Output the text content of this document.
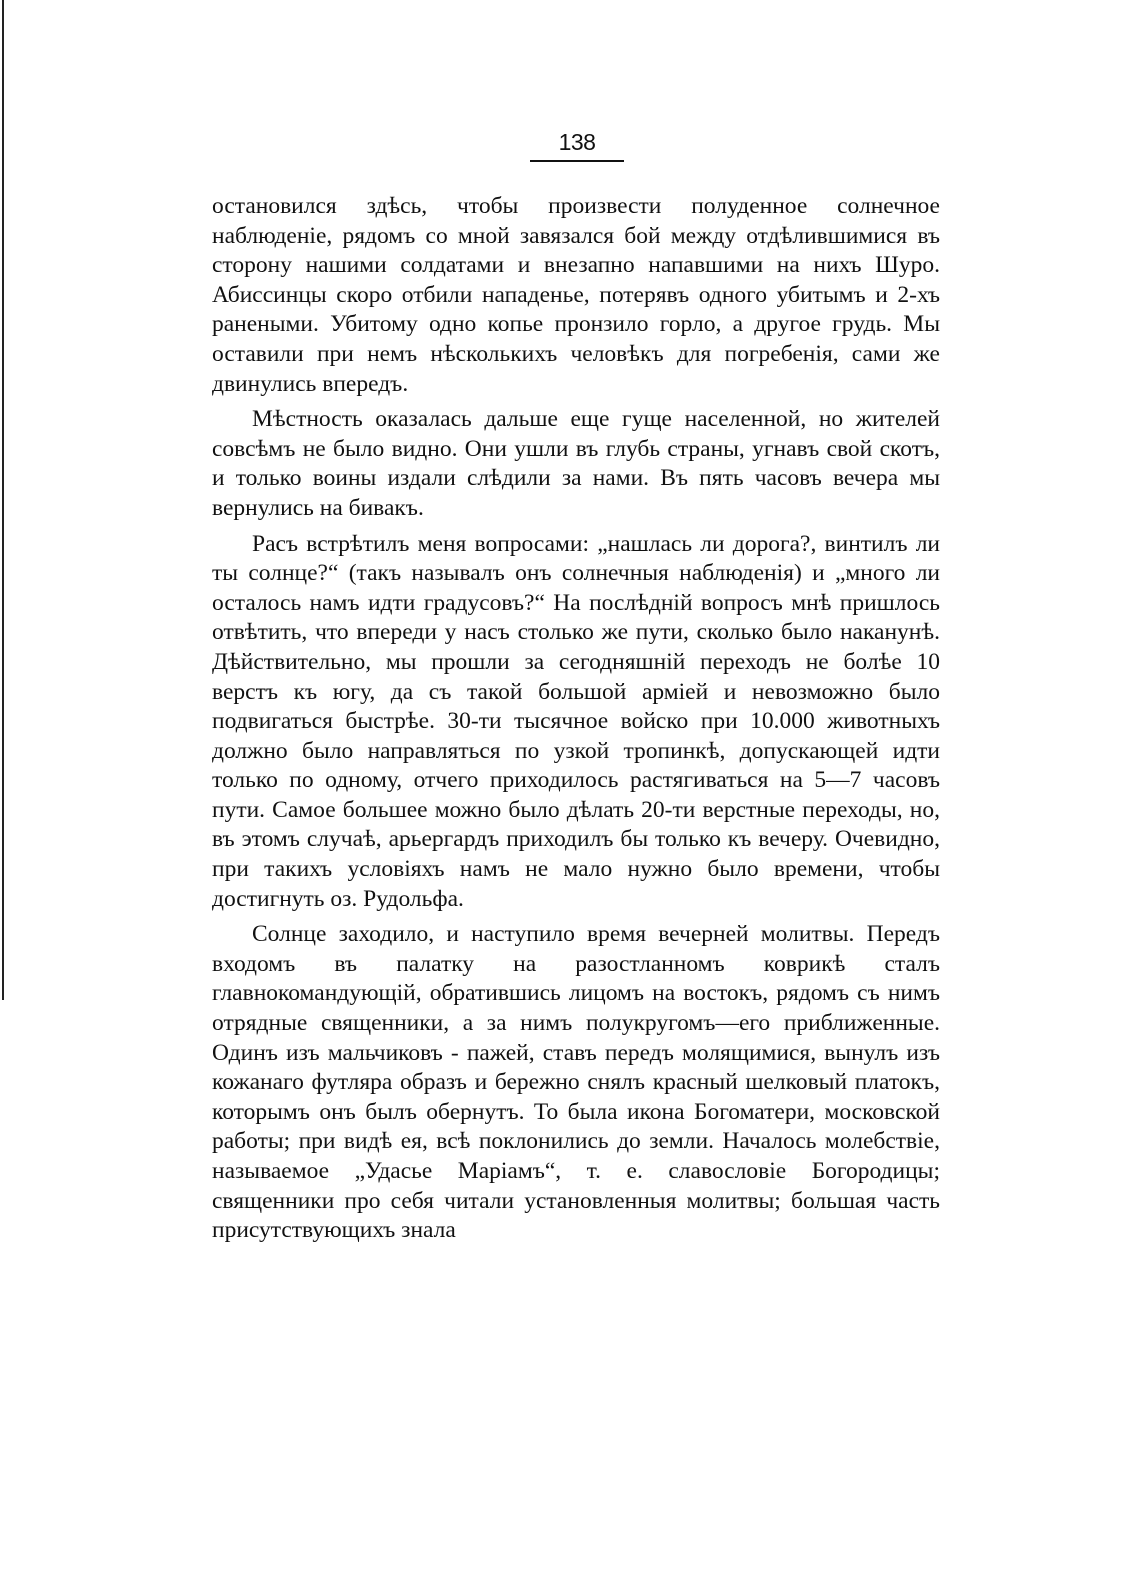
138

остановился здѣсь, чтобы произвести полуденное солнечное наблюденіе, рядомъ со мной завязался бой между отдѣлившимися въ сторону нашими солдатами и внезапно напавшими на нихъ Шуро. Абиссинцы скоро отбили нападенье, потерявъ одного убитымъ и 2-хъ ранеными. Убитому одно копье пронзило горло, а другое грудь. Мы оставили при немъ нѣсколькихъ человѣкъ для погребенія, сами же двинулись впередъ.

Мѣстность оказалась дальше еще гуще населенной, но жителей совсѣмъ не было видно. Они ушли въ глубь страны, угнавъ свой скотъ, и только воины издали слѣдили за нами. Въ пять часовъ вечера мы вернулись на бивакъ.

Расъ встрѣтилъ меня вопросами: „нашлась ли дорога?, винтилъ ли ты солнце?“ (такъ называлъ онъ солнечныя наблюденія) и „много ли осталось намъ идти градусовъ?“ На послѣдній вопросъ мнѣ пришлось отвѣтить, что впереди у насъ столько же пути, сколько было наканунѣ. Дѣйствительно, мы прошли за сегодняшній переходъ не болѣе 10 верстъ къ югу, да съ такой большой арміей и невозможно было подвигаться быстрѣе. 30-ти тысячное войско при 10.000 животныхъ должно было направляться по узкой тропинкѣ, допускающей идти только по одному, отчего приходилось растягиваться на 5—7 часовъ пути. Самое большее можно было дѣлать 20-ти верстные переходы, но, въ этомъ случаѣ, арьергардъ приходилъ бы только къ вечеру. Очевидно, при такихъ условіяхъ намъ не мало нужно было времени, чтобы достигнуть оз. Рудольфа.

Солнце заходило, и наступило время вечерней молитвы. Передъ входомъ въ палатку на разостланномъ коврикѣ сталъ главнокомандующій, обратившись лицомъ на востокъ, рядомъ съ нимъ отрядные священники, а за нимъ полукругомъ—его приближенные. Одинъ изъ мальчиковъ - пажей, ставъ передъ молящимися, вынулъ изъ кожанаго футляра образъ и бережно снялъ красный шелковый платокъ, которымъ онъ былъ обернутъ. То была икона Богоматери, московской работы; при видѣ ея, всѣ поклонились до земли. Началось молебствіе, называемое „Удасье Маріамъ“, т. е. славословіе Богородицы; священники про себя читали установленныя молитвы; большая часть присутствующихъ знала
